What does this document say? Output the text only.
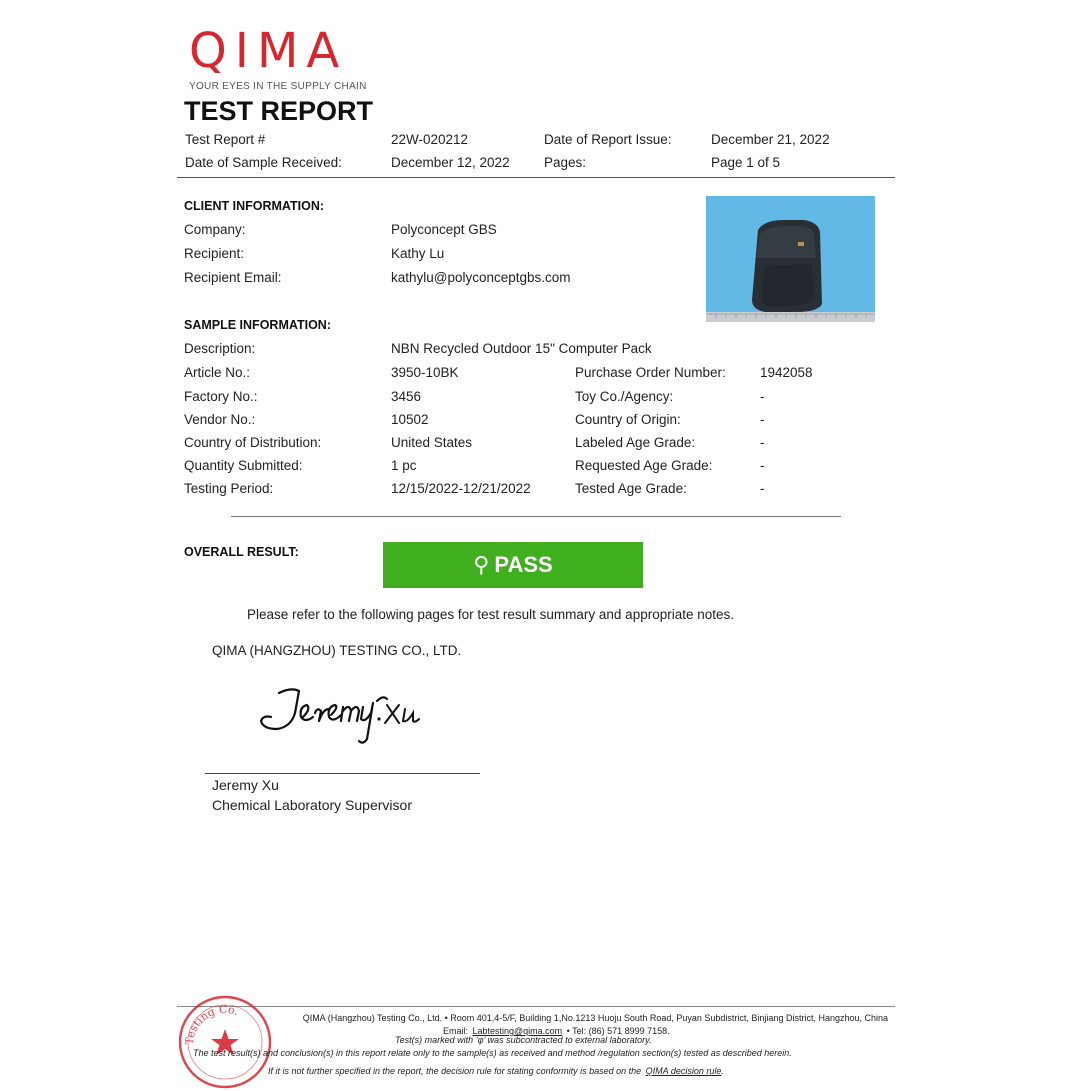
QIMA
YOUR EYES IN THE SUPPLY CHAIN
TEST REPORT
Test Report #	22W-020212	Date of Report Issue:	December 21, 2022
Date of Sample Received:	December 12, 2022	Pages:	Page 1 of 5
CLIENT INFORMATION:
Company:	Polyconcept GBS
Recipient:	Kathy Lu
Recipient Email:	kathylu@polyconceptgbs.com
SAMPLE INFORMATION:
Description:	NBN Recycled Outdoor 15" Computer Pack
Article No.:	3950-10BK	Purchase Order Number:	1942058
Factory No.:	3456	Toy Co./Agency:	-
Vendor No.:	10502	Country of Origin:	-
Country of Distribution:	United States	Labeled Age Grade:	-
Quantity Submitted:	1 pc	Requested Age Grade:	-
Testing Period:	12/15/2022-12/21/2022	Tested Age Grade:	-
OVERALL RESULT:	⚲ PASS
Please refer to the following pages for test result summary and appropriate notes.
QIMA (HANGZHOU) TESTING CO., LTD.
Jeremy Xu
Chemical Laboratory Supervisor
Testing Co.	QIMA (Hangzhou) Testing Co., Ltd. • Room 401,4-5/F, Building 1,No.1213 Huoju South Road, Puyan Subdistrict, Binjiang District, Hangzhou, China
Email: Labtesting@qima.com • Tel: (86) 571 8999 7158.
Test(s) marked with ‘φ’ was subcontracted to external laboratory.
The test result(s) and conclusion(s) in this report relate only to the sample(s) as received and method /regulation section(s) tested as described herein.
If it is not further specified in the report, the decision rule for stating conformity is based on the QIMA decision rule.
